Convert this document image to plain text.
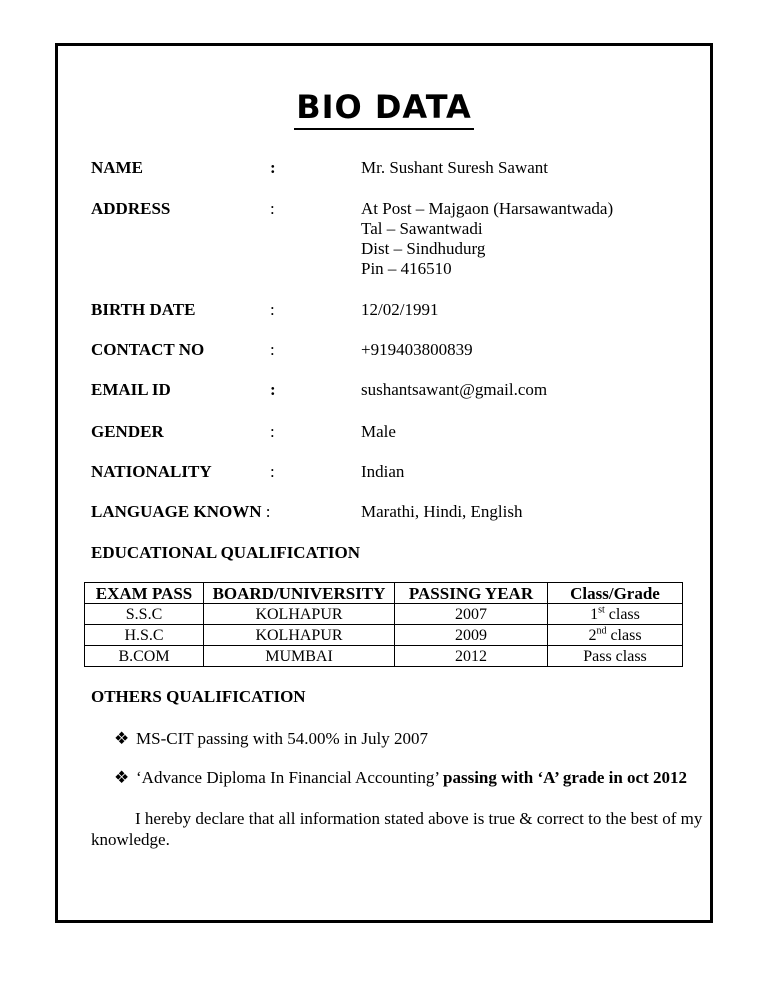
BIO DATA
NAME	:	Mr. Sushant Suresh Sawant
ADDRESS	:	At Post – Majgaon (Harsawantwada)
Tal – Sawantwadi
Dist – Sindhudurg
Pin – 416510
BIRTH DATE	:	12/02/1991
CONTACT NO	:	+919403800839
EMAIL ID	:	sushantsawant@gmail.com
GENDER	:	Male
NATIONALITY	:	Indian
LANGUAGE KNOWN :	Marathi, Hindi, English
EDUCATIONAL QUALIFICATION
EXAM PASS	BOARD/UNIVERSITY	PASSING YEAR	Class/Grade
S.S.C	KOLHAPUR	2007	1st class
H.S.C	KOLHAPUR	2009	2nd class
B.COM	MUMBAI	2012	Pass class
OTHERS QUALIFICATION
❖ MS-CIT passing with 54.00% in July 2007
❖ ‘Advance Diploma In Financial Accounting’ passing with ‘A’ grade in oct 2012
I hereby declare that all information stated above is true & correct to the best of my knowledge.
